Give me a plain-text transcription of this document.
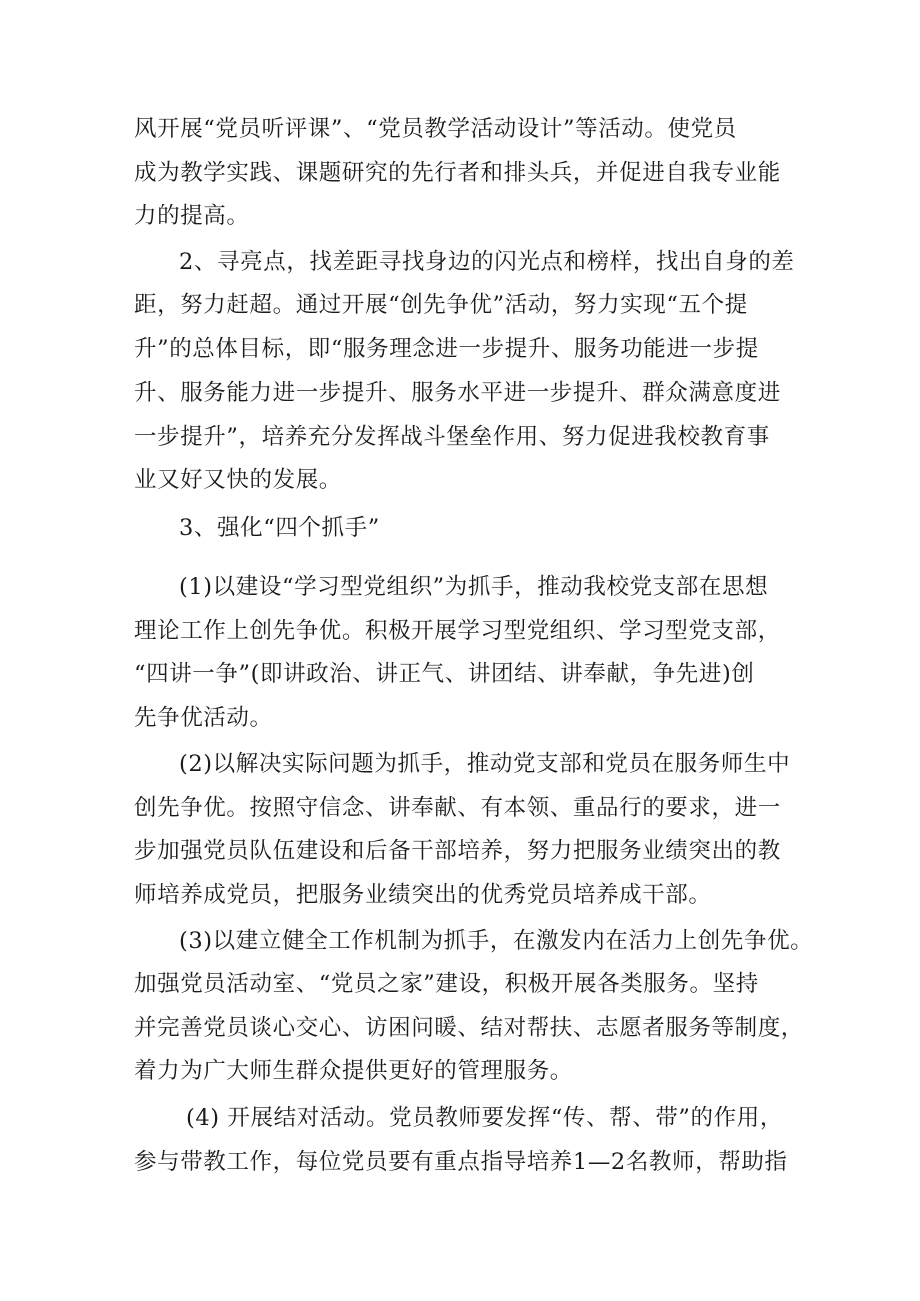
风开展“党员听评课”、“党员教学活动设计”等活动。使党员
成为教学实践、课题研究的先行者和排头兵，并促进自我专业能
力的提高。
2、寻亮点，找差距寻找身边的闪光点和榜样，找出自身的差
距，努力赶超。通过开展“创先争优”活动，努力实现“五个提
升”的总体目标，即“服务理念进一步提升、服务功能进一步提
升、服务能力进一步提升、服务水平进一步提升、群众满意度进
一步提升”，培养充分发挥战斗堡垒作用、努力促进我校教育事
业又好又快的发展。
3、强化“四个抓手”
(1)以建设“学习型党组织”为抓手，推动我校党支部在思想
理论工作上创先争优。积极开展学习型党组织、学习型党支部，
“四讲一争”(即讲政治、讲正气、讲团结、讲奉献，争先进)创
先争优活动。
(2)以解决实际问题为抓手，推动党支部和党员在服务师生中
创先争优。按照守信念、讲奉献、有本领、重品行的要求，进一
步加强党员队伍建设和后备干部培养，努力把服务业绩突出的教
师培养成党员，把服务业绩突出的优秀党员培养成干部。
(3)以建立健全工作机制为抓手，在激发内在活力上创先争优。
加强党员活动室、“党员之家”建设，积极开展各类服务。坚持
并完善党员谈心交心、访困问暖、结对帮扶、志愿者服务等制度，
着力为广大师生群众提供更好的管理服务。
(4) 开展结对活动。党员教师要发挥“传、帮、带”的作用，
参与带教工作，每位党员要有重点指导培养1—2名教师，帮助指
